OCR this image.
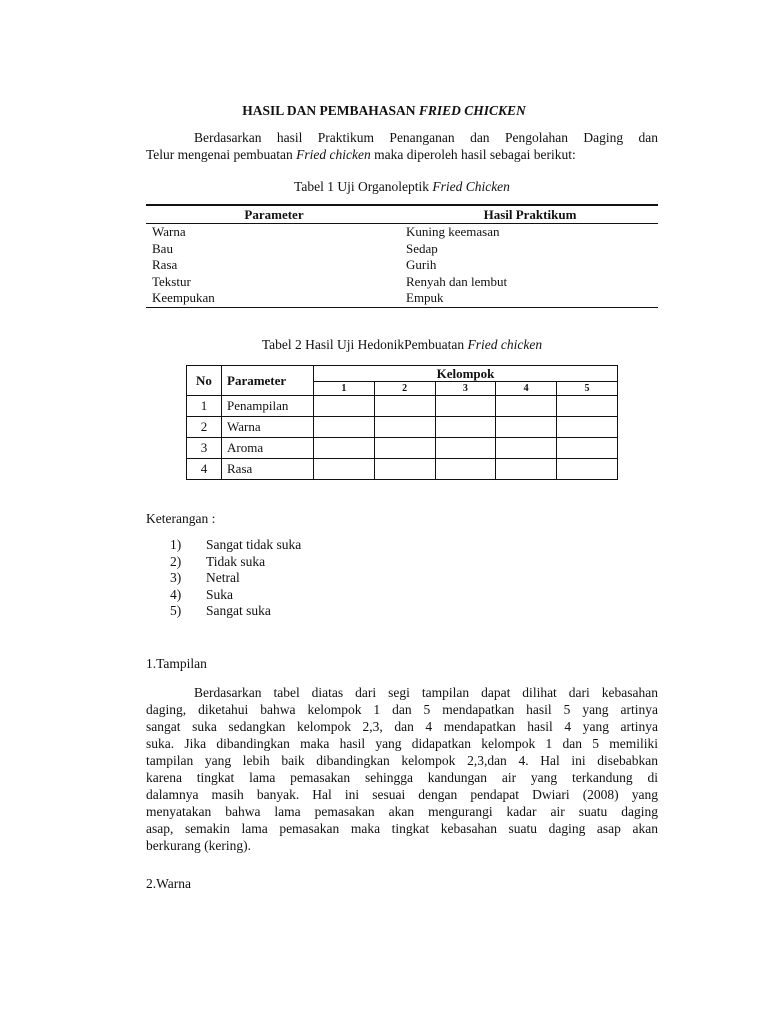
HASIL DAN PEMBAHASAN FRIED CHICKEN
Berdasarkan hasil Praktikum Penanganan dan Pengolahan Daging dan
Telur mengenai pembuatan Fried chicken maka diperoleh hasil sebagai berikut:
Tabel 1 Uji Organoleptik Fried Chicken
Parameter	Hasil Praktikum
Warna	Kuning keemasan
Bau	Sedap
Rasa	Gurih
Tekstur	Renyah dan lembut
Keempukan	Empuk
Tabel 2 Hasil Uji HedonikPembuatan Fried chicken
No	Parameter	Kelompok				
		1	2	3	4	5
1	Penampilan					
2	Warna					
3	Aroma					
4	Rasa					
Keterangan :
1)	Sangat tidak suka
2)	Tidak suka
3)	Netral
4)	Suka
5)	Sangat suka
1.Tampilan
Berdasarkan tabel diatas dari segi tampilan dapat dilihat dari kebasahan
daging, diketahui bahwa kelompok 1 dan 5 mendapatkan hasil 5 yang artinya
sangat suka sedangkan kelompok 2,3, dan 4 mendapatkan hasil 4 yang artinya
suka. Jika dibandingkan maka hasil yang didapatkan kelompok 1 dan 5 memiliki
tampilan yang lebih baik dibandingkan kelompok 2,3,dan 4. Hal ini disebabkan
karena tingkat lama pemasakan sehingga kandungan air yang terkandung di
dalamnya masih banyak. Hal ini sesuai dengan pendapat Dwiari (2008) yang
menyatakan bahwa lama pemasakan akan mengurangi kadar air suatu daging
asap, semakin lama pemasakan maka tingkat kebasahan suatu daging asap akan
berkurang (kering).
2.Warna
